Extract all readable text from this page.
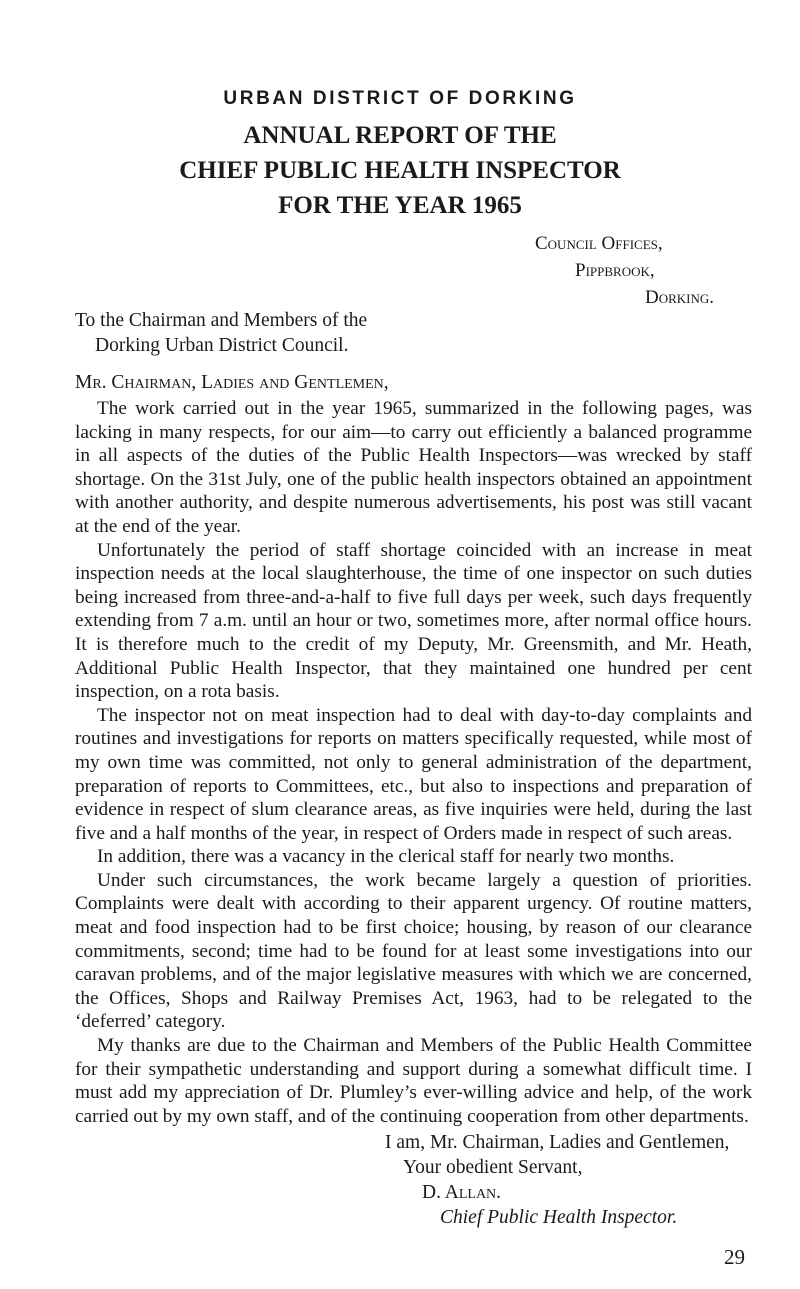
URBAN DISTRICT OF DORKING
ANNUAL REPORT OF THE
CHIEF PUBLIC HEALTH INSPECTOR
FOR THE YEAR 1965
Council Offices,
Pippbrook,
Dorking.
To the Chairman and Members of the
Dorking Urban District Council.
Mr. Chairman, Ladies and Gentlemen,

The work carried out in the year 1965, summarized in the following pages, was lacking in many respects, for our aim—to carry out efficiently a balanced programme in all aspects of the duties of the Public Health Inspectors—was wrecked by staff shortage. On the 31st July, one of the public health inspectors obtained an appointment with another authority, and despite numerous advertisements, his post was still vacant at the end of the year.

Unfortunately the period of staff shortage coincided with an increase in meat inspection needs at the local slaughterhouse, the time of one inspector on such duties being increased from three-and-a-half to five full days per week, such days frequently extending from 7 a.m. until an hour or two, sometimes more, after normal office hours. It is therefore much to the credit of my Deputy, Mr. Greensmith, and Mr. Heath, Additional Public Health Inspector, that they maintained one hundred per cent inspection, on a rota basis.

The inspector not on meat inspection had to deal with day-to-day complaints and routines and investigations for reports on matters specifically requested, while most of my own time was committed, not only to general administration of the department, preparation of reports to Committees, etc., but also to inspections and preparation of evidence in respect of slum clearance areas, as five inquiries were held, during the last five and a half months of the year, in respect of Orders made in respect of such areas.

In addition, there was a vacancy in the clerical staff for nearly two months.

Under such circumstances, the work became largely a question of priorities. Complaints were dealt with according to their apparent urgency. Of routine matters, meat and food inspection had to be first choice; housing, by reason of our clearance commitments, second; time had to be found for at least some investigations into our caravan problems, and of the major legislative measures with which we are concerned, the Offices, Shops and Railway Premises Act, 1963, had to be relegated to the ‘deferred’ category.

My thanks are due to the Chairman and Members of the Public Health Committee for their sympathetic understanding and support during a somewhat difficult time. I must add my appreciation of Dr. Plumley’s ever-willing advice and help, of the work carried out by my own staff, and of the continuing cooperation from other departments.

I am, Mr. Chairman, Ladies and Gentlemen,
Your obedient Servant,
D. Allan.
Chief Public Health Inspector.
29
